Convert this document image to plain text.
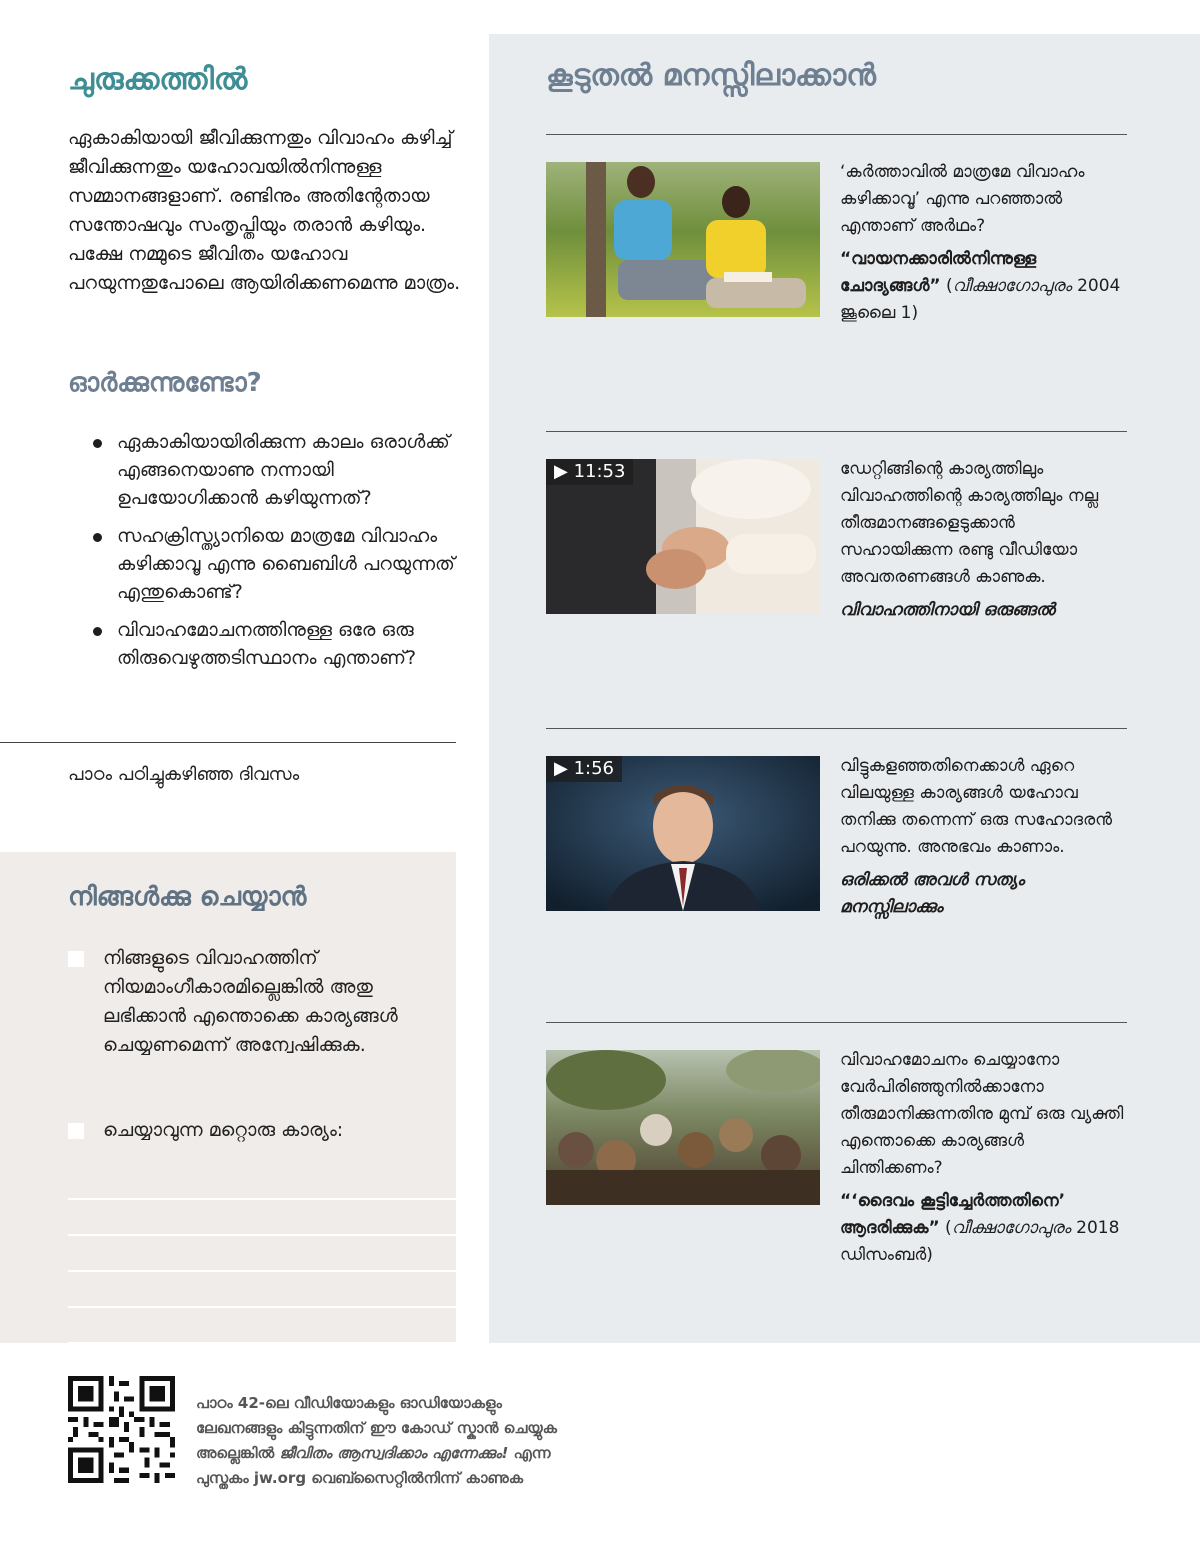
ചുരുക്കത്തിൽ
ഏകാകിയായി ജീവിക്കുന്നതും വിവാഹം കഴിച്ച് ജീവിക്കുന്നതും യഹോവയിൽനിന്നുള്ള സമ്മാനങ്ങളാണ്. രണ്ടിനും അതിന്റേതായ സന്തോഷവും സംതൃപ്തിയും തരാൻ കഴിയും. പക്ഷേ നമ്മുടെ ജീവിതം യഹോവ പറയുന്നതുപോലെ ആയിരിക്കണമെന്നു മാത്രം.
ഓർക്കുന്നുണ്ടോ?
ഏകാകിയായിരിക്കുന്ന കാലം ഒരാൾക്ക് എങ്ങനെയാണു നന്നായി ഉപയോഗിക്കാൻ കഴിയുന്നത്?
സഹക്രിസ്ത്യാനിയെ മാത്രമേ വിവാഹം കഴിക്കാവൂ എന്നു ബൈബിൾ പറയുന്നത് എന്തുകൊണ്ട്?
വിവാഹമോചനത്തിനുള്ള ഒരേ ഒരു തിരുവെഴുത്തടിസ്ഥാനം എന്താണ്?
പാഠം പഠിച്ചുകഴിഞ്ഞ ദിവസം
നിങ്ങൾക്കു ചെയ്യാൻ
നിങ്ങളുടെ വിവാഹത്തിന് നിയമാംഗീകാരമില്ലെങ്കിൽ അതു ലഭിക്കാൻ എന്തൊക്കെ കാര്യങ്ങൾ ചെയ്യണമെന്ന് അന്വേഷിക്കുക.
ചെയ്യാവുന്ന മറ്റൊരു കാര്യം:
കൂടുതൽ മനസ്സിലാക്കാൻ

‘കർത്താവിൽ മാത്രമേ വിവാഹം കഴിക്കാവൂ’ എന്നു പറഞ്ഞാൽ എന്താണ് അർഥം?

“വായനക്കാരിൽനിന്നുള്ള ചോദ്യങ്ങൾ” (വീക്ഷാഗോപുരം 2004 ജൂലൈ 1)

▶ 11:53	ഡേറ്റിങ്ങിന്റെ കാര്യത്തിലും വിവാഹത്തിന്റെ കാര്യത്തിലും നല്ല തീരുമാനങ്ങളെടുക്കാൻ സഹായിക്കുന്ന രണ്ടു വീഡിയോ അവതരണങ്ങൾ കാണുക.

വിവാഹത്തിനായി ഒരുങ്ങൽ

▶ 1:56	വിട്ടുകളഞ്ഞതിനെക്കാൾ ഏറെ വിലയുള്ള കാര്യങ്ങൾ യഹോവ തനിക്കു തന്നെന്ന് ഒരു സഹോദരൻ പറയുന്നു. അനുഭവം കാണാം.

ഒരിക്കൽ അവൾ സത്യം മനസ്സിലാക്കും

വിവാഹമോചനം ചെയ്യാനോ വേർപിരിഞ്ഞുനിൽക്കാനോ തീരുമാനിക്കുന്നതിനു മുമ്പ് ഒരു വ്യക്തി എന്തൊക്കെ കാര്യങ്ങൾ ചിന്തിക്കണം?

“‘ദൈവം കൂട്ടിച്ചേർത്തതിനെ’ ആദരിക്കുക” (വീക്ഷാഗോപുരം 2018 ഡിസംബർ)

പാഠം 42-ലെ വീഡിയോകളും ഓഡിയോകളും
ലേഖനങ്ങളും കിട്ടുന്നതിന് ഈ കോഡ് സ്കാൻ ചെയ്യുക
അല്ലെങ്കിൽ ജീവിതം ആസ്വദിക്കാം എന്നേക്കും! എന്ന
പുസ്തകം jw.org വെബ്സൈറ്റിൽനിന്ന് കാണുക
